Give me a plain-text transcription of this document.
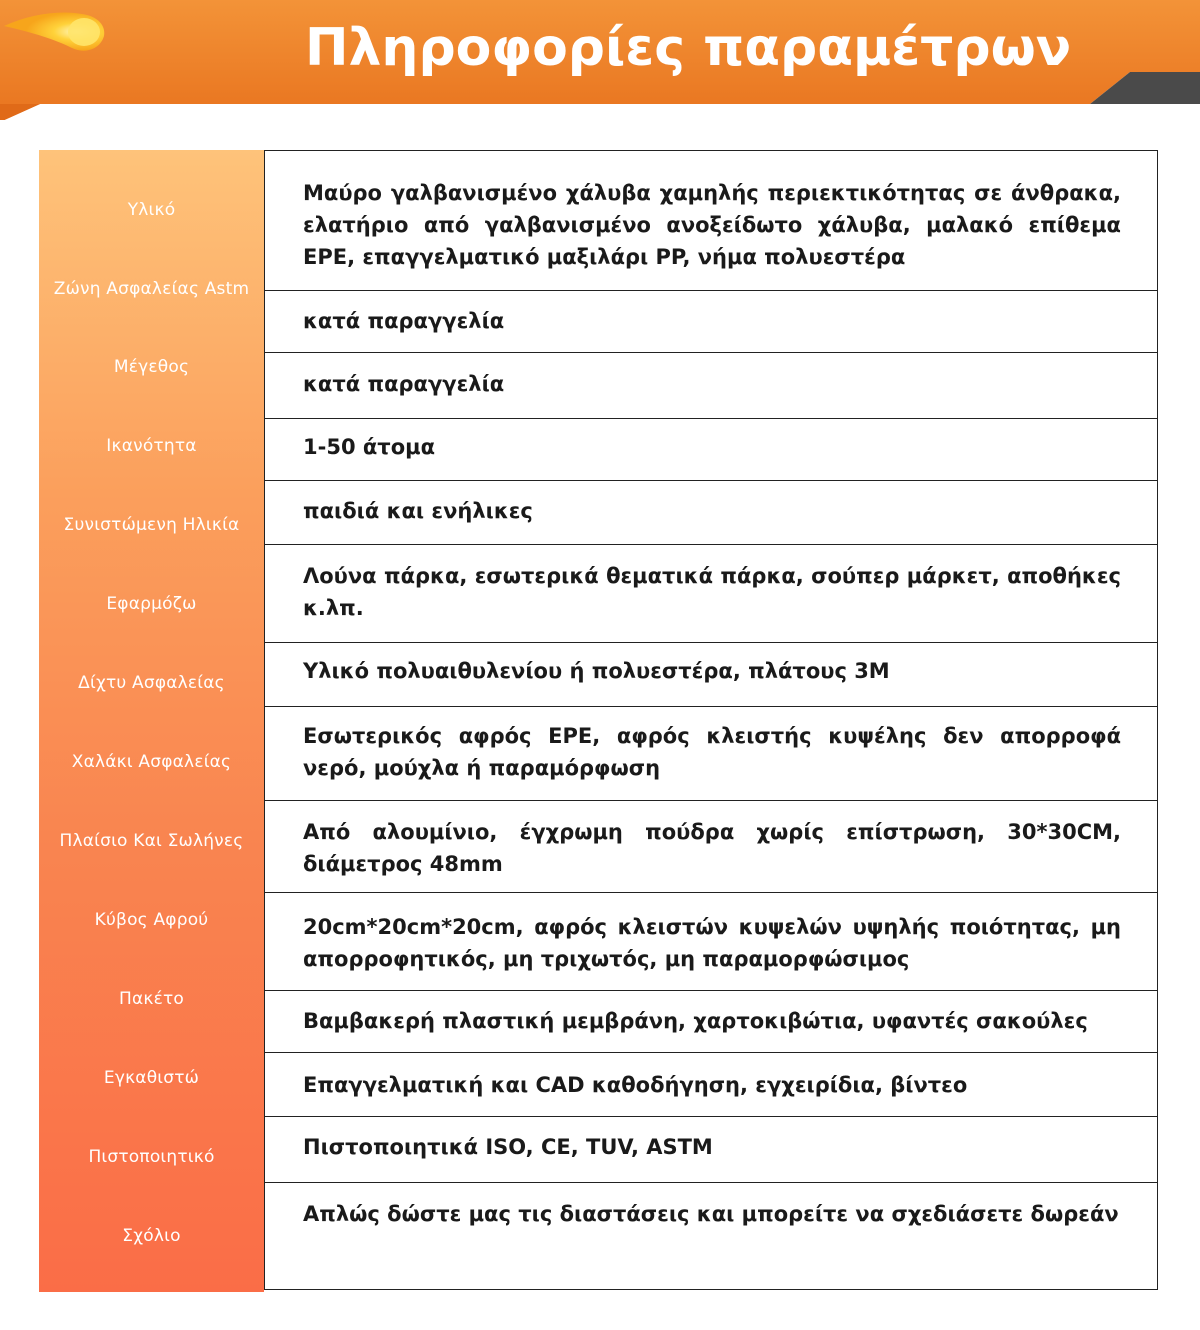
Πληροφορίες παραμέτρων
Υλικό
Ζώνη Ασφαλείας Astm
Μέγεθος
Ικανότητα
Συνιστώμενη Ηλικία
Εφαρμόζω
Δίχτυ Ασφαλείας
Χαλάκι Ασφαλείας
Πλαίσιο Και Σωλήνες
Κύβος Αφρού
Πακέτο
Εγκαθιστώ
Πιστοποιητικό
Σχόλιο
Μαύρο γαλβανισμένο χάλυβα χαμηλής περιεκτικότητας σε άνθρακα, ελατήριο από γαλβανισμένο ανοξείδωτο χάλυβα, μαλακό επίθεμα EPE, επαγγελματικό μαξιλάρι PP, νήμα πολυεστέρα
κατά παραγγελία
κατά παραγγελία
1-50 άτομα
παιδιά και ενήλικες
Λούνα πάρκα, εσωτερικά θεματικά πάρκα, σούπερ μάρκετ, αποθήκες κ.λπ.
Υλικό πολυαιθυλενίου ή πολυεστέρα, πλάτους 3M
Εσωτερικός αφρός EPE, αφρός κλειστής κυψέλης δεν απορροφά νερό, μούχλα ή παραμόρφωση
Από αλουμίνιο, έγχρωμη πούδρα χωρίς επίστρωση, 30*30CM, διάμετρος 48mm
20cm*20cm*20cm, αφρός κλειστών κυψελών υψηλής ποιότητας, μη απορροφητικός, μη τριχωτός, μη παραμορφώσιμος
Βαμβακερή πλαστική μεμβράνη, χαρτοκιβώτια, υφαντές σακούλες
Επαγγελματική και CAD καθοδήγηση, εγχειρίδια, βίντεο
Πιστοποιητικά ISO, CE, TUV, ASTM
Απλώς δώστε μας τις διαστάσεις και μπορείτε να σχεδιάσετε δωρεάν
